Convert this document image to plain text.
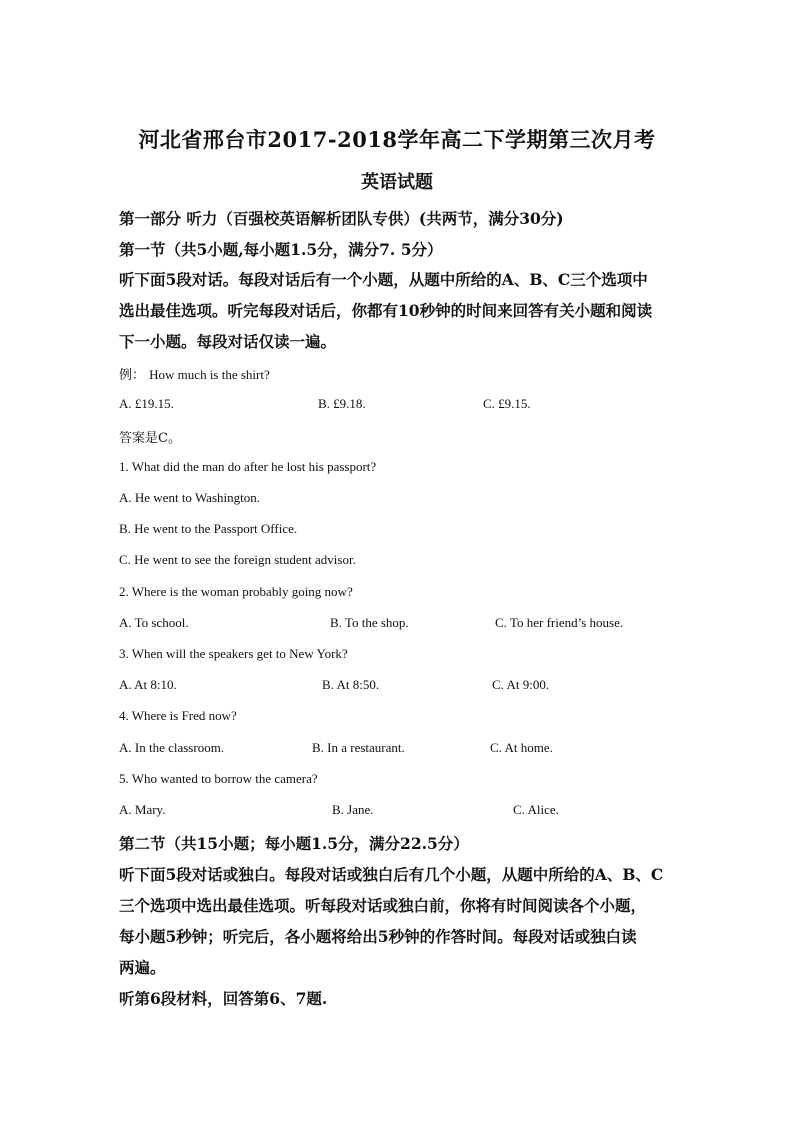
河北省邢台市2017-2018学年高二下学期第三次月考
英语试题
第一部分 听力（百强校英语解析团队专供）(共两节，满分30分)
第一节（共5小题,每小题1.5分，满分7. 5分）
听下面5段对话。每段对话后有一个小题，从题中所给的A、B、C三个选项中
选出最佳选项。听完每段对话后，你都有10秒钟的时间来回答有关小题和阅读
下一小题。每段对话仅读一遍。
例： How much is the shirt?
A. £19.15.	B. £9.18.	C. £9.15.
答案是C。
1. What did the man do after he lost his passport?
A. He went to Washington.
B. He went to the Passport Office.
C. He went to see the foreign student advisor.
2. Where is the woman probably going now?
A. To school.	B. To the shop.	C. To her friend’s house.
3. When will the speakers get to New York?
A. At 8:10.	B. At 8:50.	C. At 9:00.
4. Where is Fred now?
A. In the classroom.	B. In a restaurant.	C. At home.
5. Who wanted to borrow the camera?
A. Mary.	B. Jane.	C. Alice.
第二节（共15小题；每小题1.5分，满分22.5分）
听下面5段对话或独白。每段对话或独白后有几个小题，从题中所给的A、B、C
三个选项中选出最佳选项。听每段对话或独白前，你将有时间阅读各个小题，
每小题5秒钟；听完后，各小题将给出5秒钟的作答时间。每段对话或独白读
两遍。
听第6段材料，回答第6、7题.
